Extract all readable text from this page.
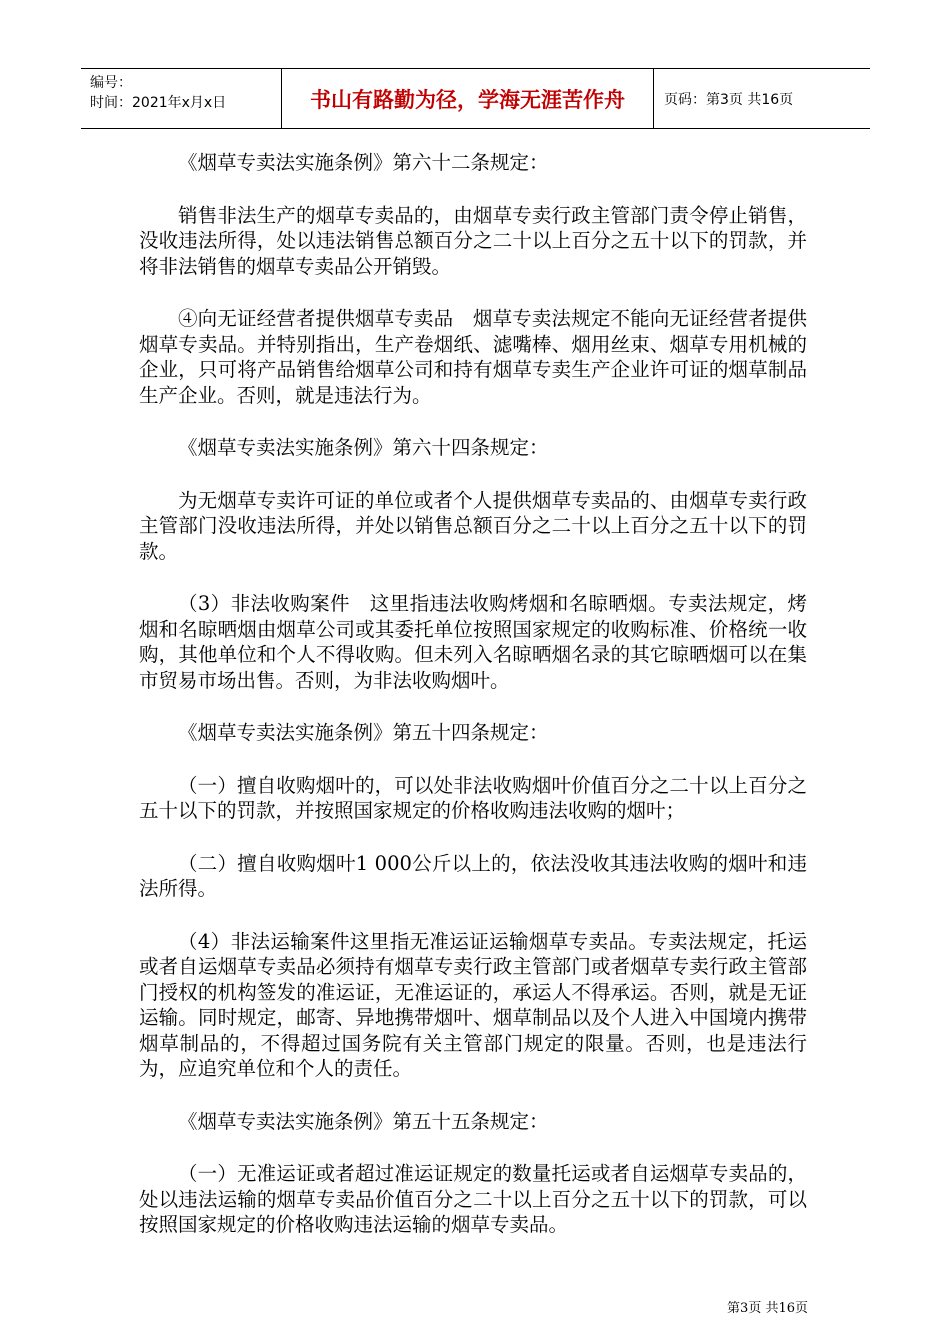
编号：
时间：2021年x月x日	书山有路勤为径，学海无涯苦作舟	页码：第3页 共16页

《烟草专卖法实施条例》第六十二条规定：

销售非法生产的烟草专卖品的，由烟草专卖行政主管部门责令停止销售，没收违法所得，处以违法销售总额百分之二十以上百分之五十以下的罚款，并将非法销售的烟草专卖品公开销毁。

④向无证经营者提供烟草专卖品　烟草专卖法规定不能向无证经营者提供烟草专卖品。并特别指出，生产卷烟纸、滤嘴棒、烟用丝束、烟草专用机械的企业，只可将产品销售给烟草公司和持有烟草专卖生产企业许可证的烟草制品生产企业。否则，就是违法行为。

《烟草专卖法实施条例》第六十四条规定：

为无烟草专卖许可证的单位或者个人提供烟草专卖品的、由烟草专卖行政主管部门没收违法所得，并处以销售总额百分之二十以上百分之五十以下的罚款。

（3）非法收购案件　这里指违法收购烤烟和名晾晒烟。专卖法规定，烤烟和名晾晒烟由烟草公司或其委托单位按照国家规定的收购标准、价格统一收购，其他单位和个人不得收购。但未列入名晾晒烟名录的其它晾晒烟可以在集市贸易市场出售。否则，为非法收购烟叶。

《烟草专卖法实施条例》第五十四条规定：

（一）擅自收购烟叶的，可以处非法收购烟叶价值百分之二十以上百分之五十以下的罚款，并按照国家规定的价格收购违法收购的烟叶；

（二）擅自收购烟叶1 000公斤以上的，依法没收其违法收购的烟叶和违法所得。

（4）非法运输案件这里指无准运证运输烟草专卖品。专卖法规定，托运或者自运烟草专卖品必须持有烟草专卖行政主管部门或者烟草专卖行政主管部门授权的机构签发的准运证，无准运证的，承运人不得承运。否则，就是无证运输。同时规定，邮寄、异地携带烟叶、烟草制品以及个人进入中国境内携带烟草制品的，不得超过国务院有关主管部门规定的限量。否则，也是违法行为，应追究单位和个人的责任。

《烟草专卖法实施条例》第五十五条规定：

（一）无准运证或者超过准运证规定的数量托运或者自运烟草专卖品的，处以违法运输的烟草专卖品价值百分之二十以上百分之五十以下的罚款，可以按照国家规定的价格收购违法运输的烟草专卖品。

第3页 共16页
